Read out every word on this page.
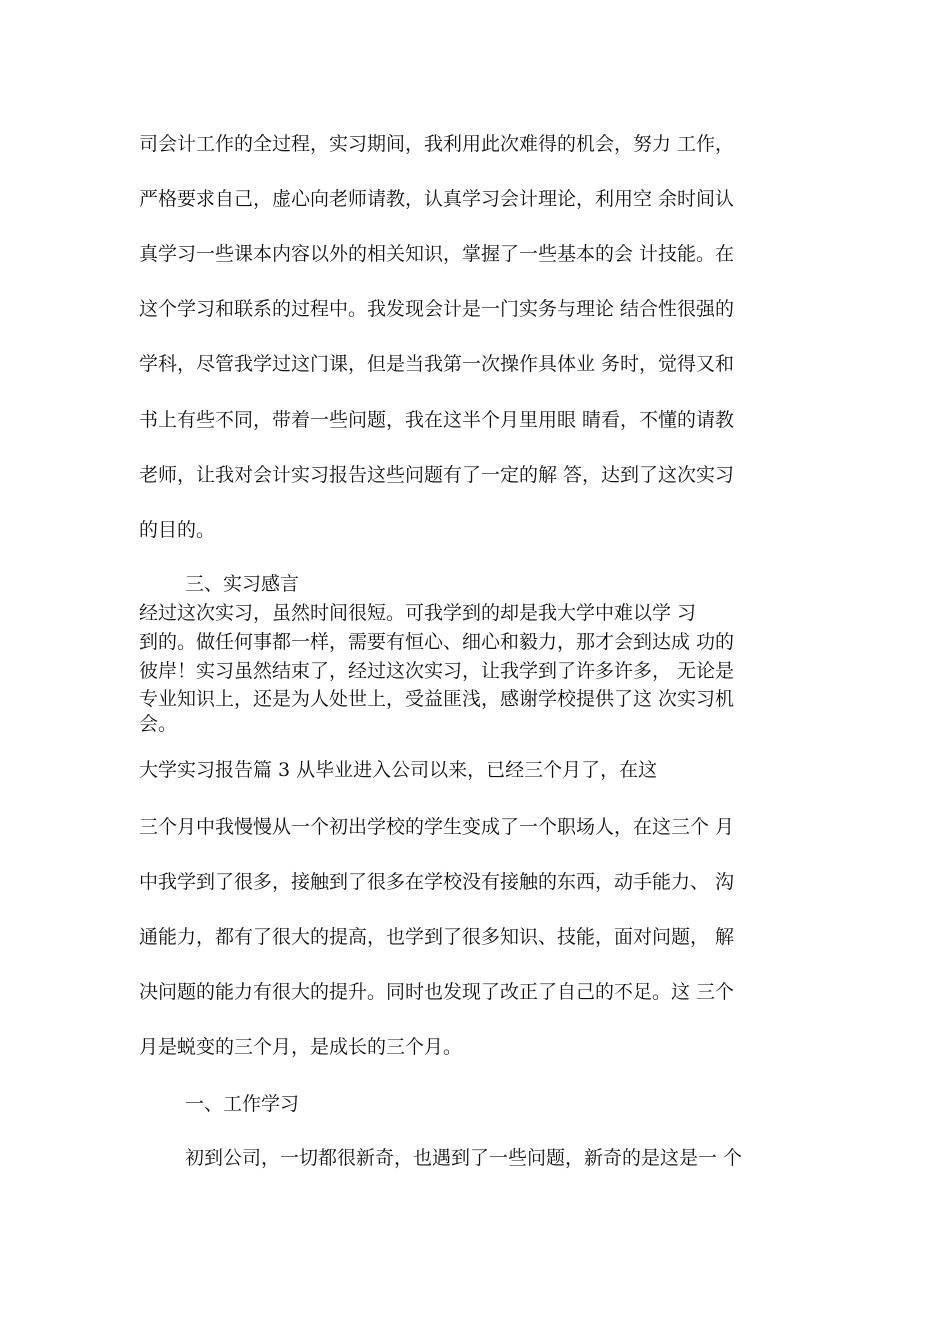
司会计工作的全过程，实习期间，我利用此次难得的机会，努力 工作，
严格要求自己，虚心向老师请教，认真学习会计理论，利用空 余时间认
真学习一些课本内容以外的相关知识，掌握了一些基本的会 计技能。在
这个学习和联系的过程中。我发现会计是一门实务与理论 结合性很强的
学科，尽管我学过这门课，但是当我第一次操作具体业 务时，觉得又和
书上有些不同，带着一些问题，我在这半个月里用眼 睛看，不懂的请教
老师，让我对会计实习报告这些问题有了一定的解 答，达到了这次实习
的目的。
三、实习感言
经过这次实习，虽然时间很短。可我学到的却是我大学中难以学 习
到的。做任何事都一样，需要有恒心、细心和毅力，那才会到达成 功的
彼岸！实习虽然结束了，经过这次实习，让我学到了许多许多， 无论是
专业知识上，还是为人处世上，受益匪浅，感谢学校提供了这 次实习机
会。
大学实习报告篇 3 从毕业进入公司以来，已经三个月了，在这
三个月中我慢慢从一个初出学校的学生变成了一个职场人，在这三个 月
中我学到了很多，接触到了很多在学校没有接触的东西，动手能力、 沟
通能力，都有了很大的提高，也学到了很多知识、技能，面对问题， 解
决问题的能力有很大的提升。同时也发现了改正了自己的不足。这 三个
月是蜕变的三个月，是成长的三个月。
一、工作学习
初到公司，一切都很新奇，也遇到了一些问题，新奇的是这是一 个
